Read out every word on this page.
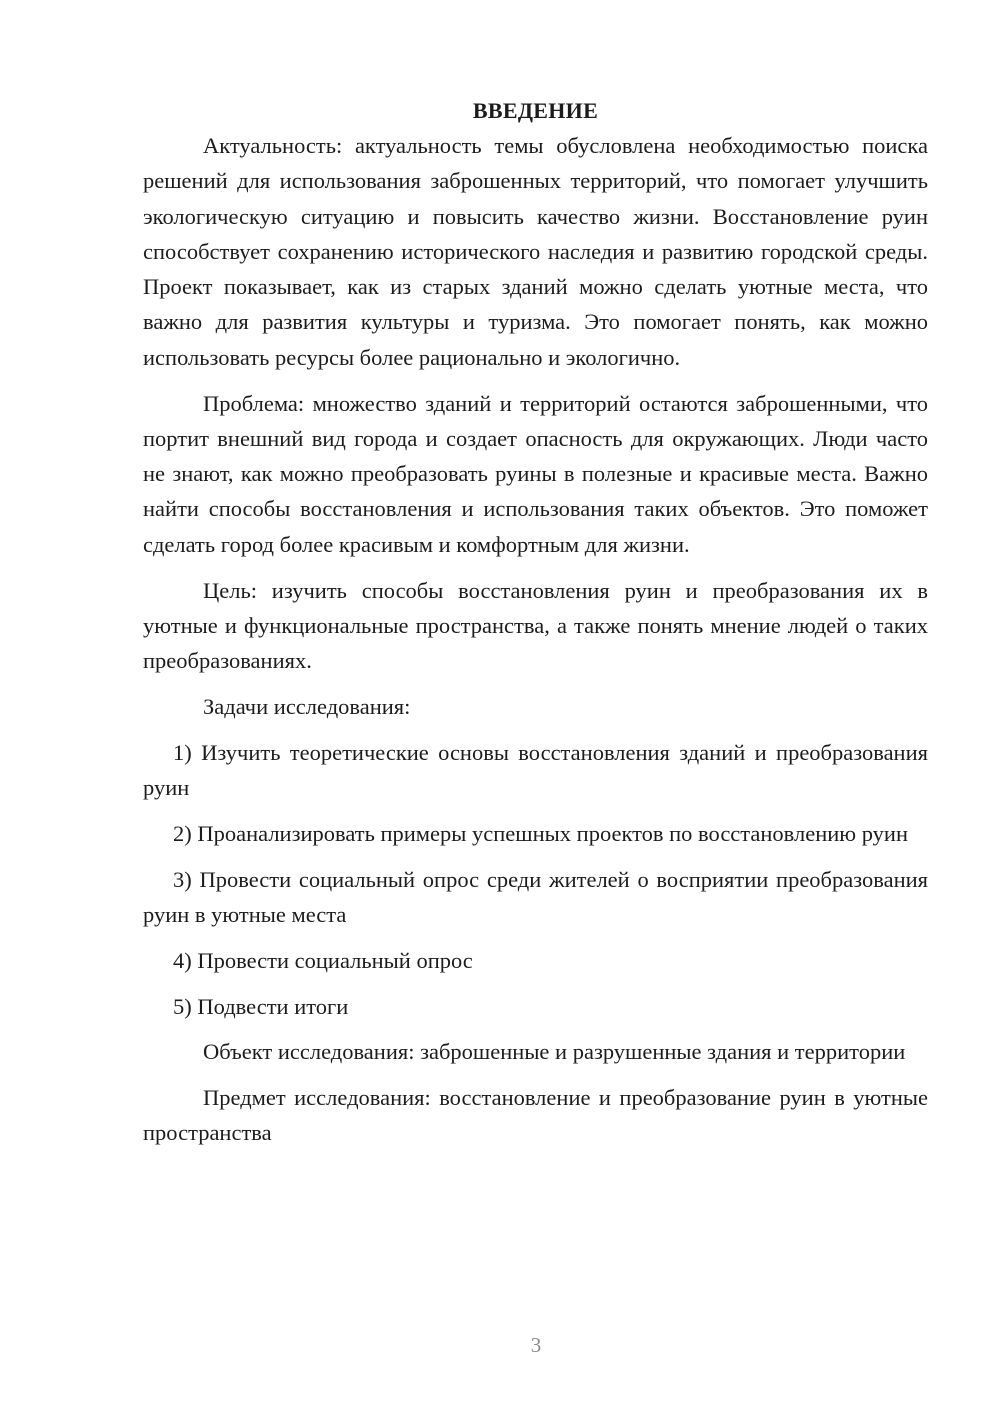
ВВЕДЕНИЕ

Актуальность: актуальность темы обусловлена необходимостью поиска решений для использования заброшенных территорий, что помогает улучшить экологическую ситуацию и повысить качество жизни. Восстановление руин способствует сохранению исторического наследия и развитию городской среды. Проект показывает, как из старых зданий можно сделать уютные места, что важно для развития культуры и туризма. Это помогает понять, как можно использовать ресурсы более рационально и экологично.

Проблема: множество зданий и территорий остаются заброшенными, что портит внешний вид города и создает опасность для окружающих. Люди часто не знают, как можно преобразовать руины в полезные и красивые места. Важно найти способы восстановления и использования таких объектов. Это поможет сделать город более красивым и комфортным для жизни.

Цель: изучить способы восстановления руин и преобразования их в уютные и функциональные пространства, а также понять мнение людей о таких преобразованиях.

Задачи исследования:

1) Изучить теоретические основы восстановления зданий и преобразования руин

2) Проанализировать примеры успешных проектов по восстановлению руин

3) Провести социальный опрос среди жителей о восприятии преобразования руин в уютные места

4) Провести социальный опрос

5) Подвести итоги

Объект исследования: заброшенные и разрушенные здания и территории

Предмет исследования: восстановление и преобразование руин в уютные пространства

3
